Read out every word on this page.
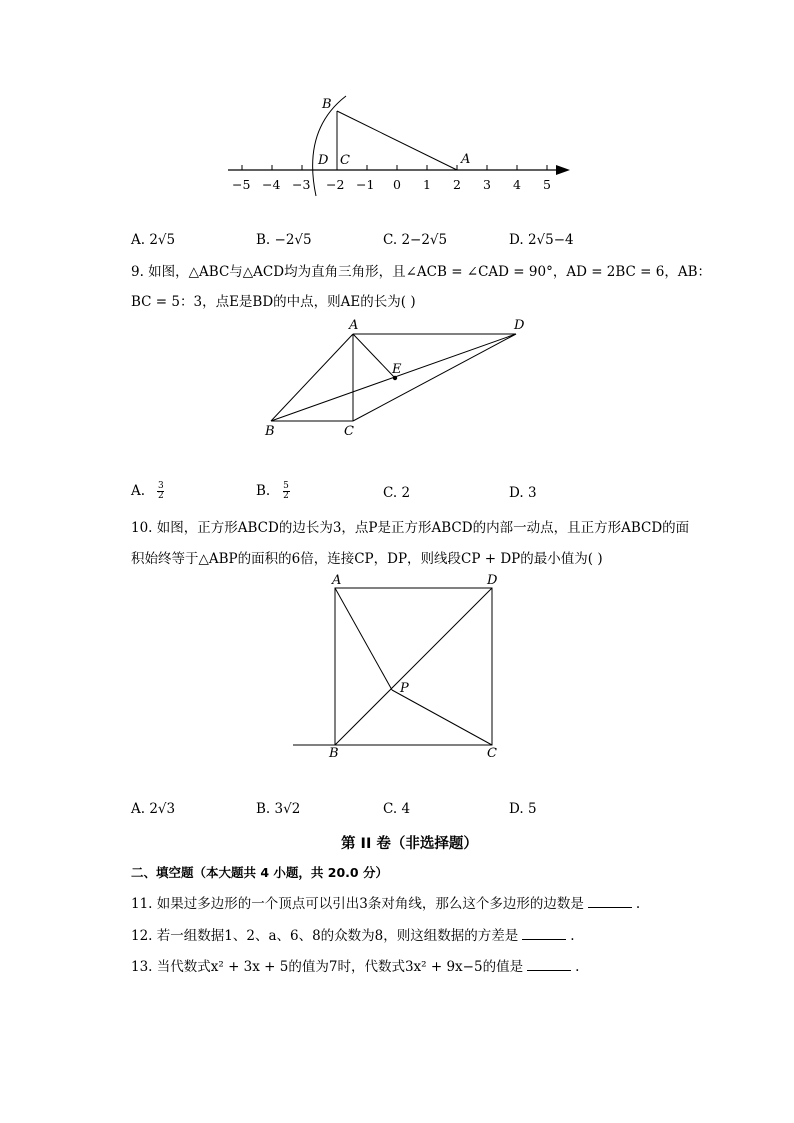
B
D C	A
−5 −4 −3 −2 −1 0 1 2 3 4 5
A. 2√5	B. −2√5	C. 2−2√5	D. 2√5−4
9. 如图，△ABC与△ACD均为直角三角形，且∠ACB = ∠CAD = 90°，AD = 2BC = 6，AB：
BC = 5：3，点E是BD的中点，则AE的长为( )
A	D
E
B	C
A. $\frac{3}{2}$	B. $\frac{5}{2}$	C. 2	D. 3
10. 如图，正方形ABCD的边长为3，点P是正方形ABCD的内部一动点，且正方形ABCD的面
积始终等于△ABP的面积的6倍，连接CP，DP，则线段CP + DP的最小值为( )
A	D
P
B	C
A. 2√3	B. 3√2	C. 4	D. 5
第 II 卷（非选择题）
二、填空题（本大题共 4 小题，共 20.0 分）
11. 如果过多边形的一个顶点可以引出3条对角线，那么这个多边形的边数是	.
12. 若一组数据1、2、a、6、8的众数为8，则这组数据的方差是	.
13. 当代数式x² + 3x + 5的值为7时，代数式3x² + 9x−5的值是	.
